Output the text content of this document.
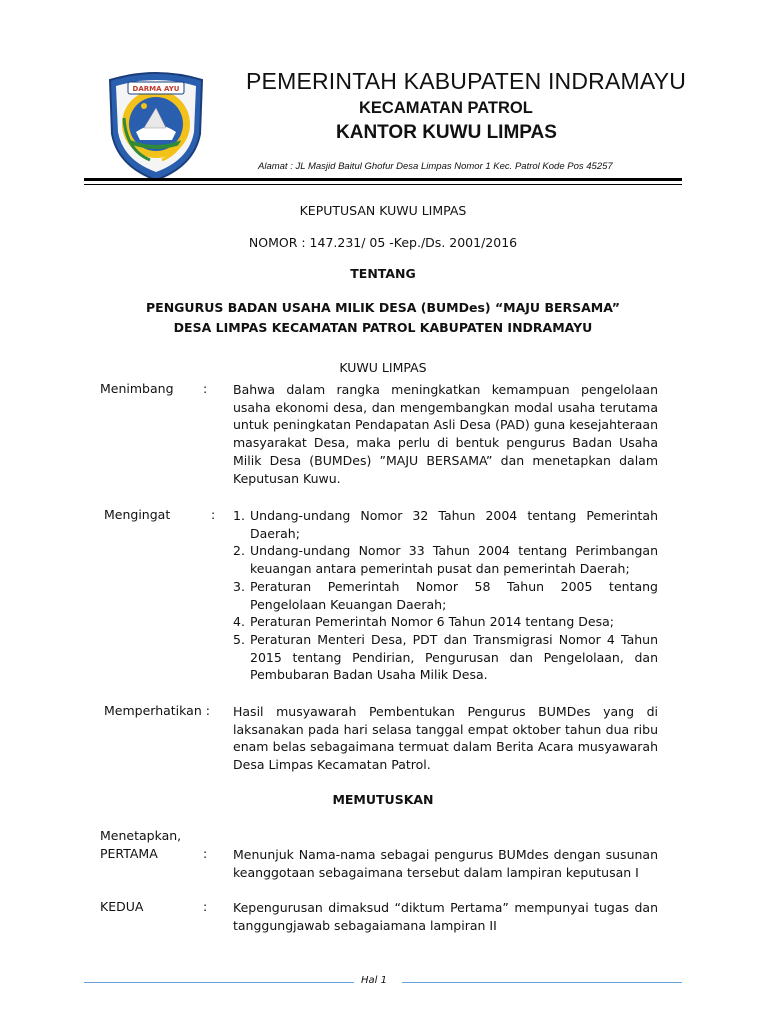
DARMA AYU	PEMERINTAH KABUPATEN INDRAMAYU
KECAMATAN PATROL
KANTOR KUWU LIMPAS
Alamat : JL Masjid Baitul Ghofur Desa Limpas Nomor 1 Kec. Patrol Kode Pos 45257
KEPUTUSAN KUWU LIMPAS
NOMOR : 147.231/ 05 -Kep./Ds. 2001/2016
TENTANG
PENGURUS BADAN USAHA MILIK DESA (BUMDes) “MAJU BERSAMA”
DESA LIMPAS KECAMATAN PATROL KABUPATEN INDRAMAYU
KUWU LIMPAS
Menimbang : Bahwa dalam rangka meningkatkan kemampuan pengelolaan usaha ekonomi desa, dan mengembangkan modal usaha terutama untuk peningkatan Pendapatan Asli Desa (PAD) guna kesejahteraan masyarakat Desa, maka perlu di bentuk pengurus Badan Usaha Milik Desa (BUMDes) ”MAJU BERSAMA” dan menetapkan dalam Keputusan Kuwu.
Mengingat	: 1. Undang-undang Nomor 32 Tahun 2004 tentang Pemerintah Daerah;
2. Undang-undang Nomor 33 Tahun 2004 tentang Perimbangan keuangan antara pemerintah pusat dan pemerintah Daerah;
3. Peraturan Pemerintah Nomor 58 Tahun 2005 tentang Pengelolaan Keuangan Daerah;
4. Peraturan Pemerintah Nomor 6 Tahun 2014 tentang Desa;
5. Peraturan Menteri Desa, PDT dan Transmigrasi Nomor 4 Tahun 2015 tentang Pendirian, Pengurusan dan Pengelolaan, dan Pembubaran Badan Usaha Milik Desa.
Memperhatikan : Hasil musyawarah Pembentukan Pengurus BUMDes yang di laksanakan pada hari selasa tanggal empat oktober tahun dua ribu enam belas sebagaimana termuat dalam Berita Acara musyawarah Desa Limpas Kecamatan Patrol.
MEMUTUSKAN
Menetapkan,
PERTAMA	: Menunjuk Nama-nama sebagai pengurus BUMdes dengan susunan keanggotaan sebagaimana tersebut dalam lampiran keputusan I
KEDUA	: Kepengurusan dimaksud “diktum Pertama” mempunyai tugas dan tanggungjawab sebagaiamana lampiran II
Hal 1
